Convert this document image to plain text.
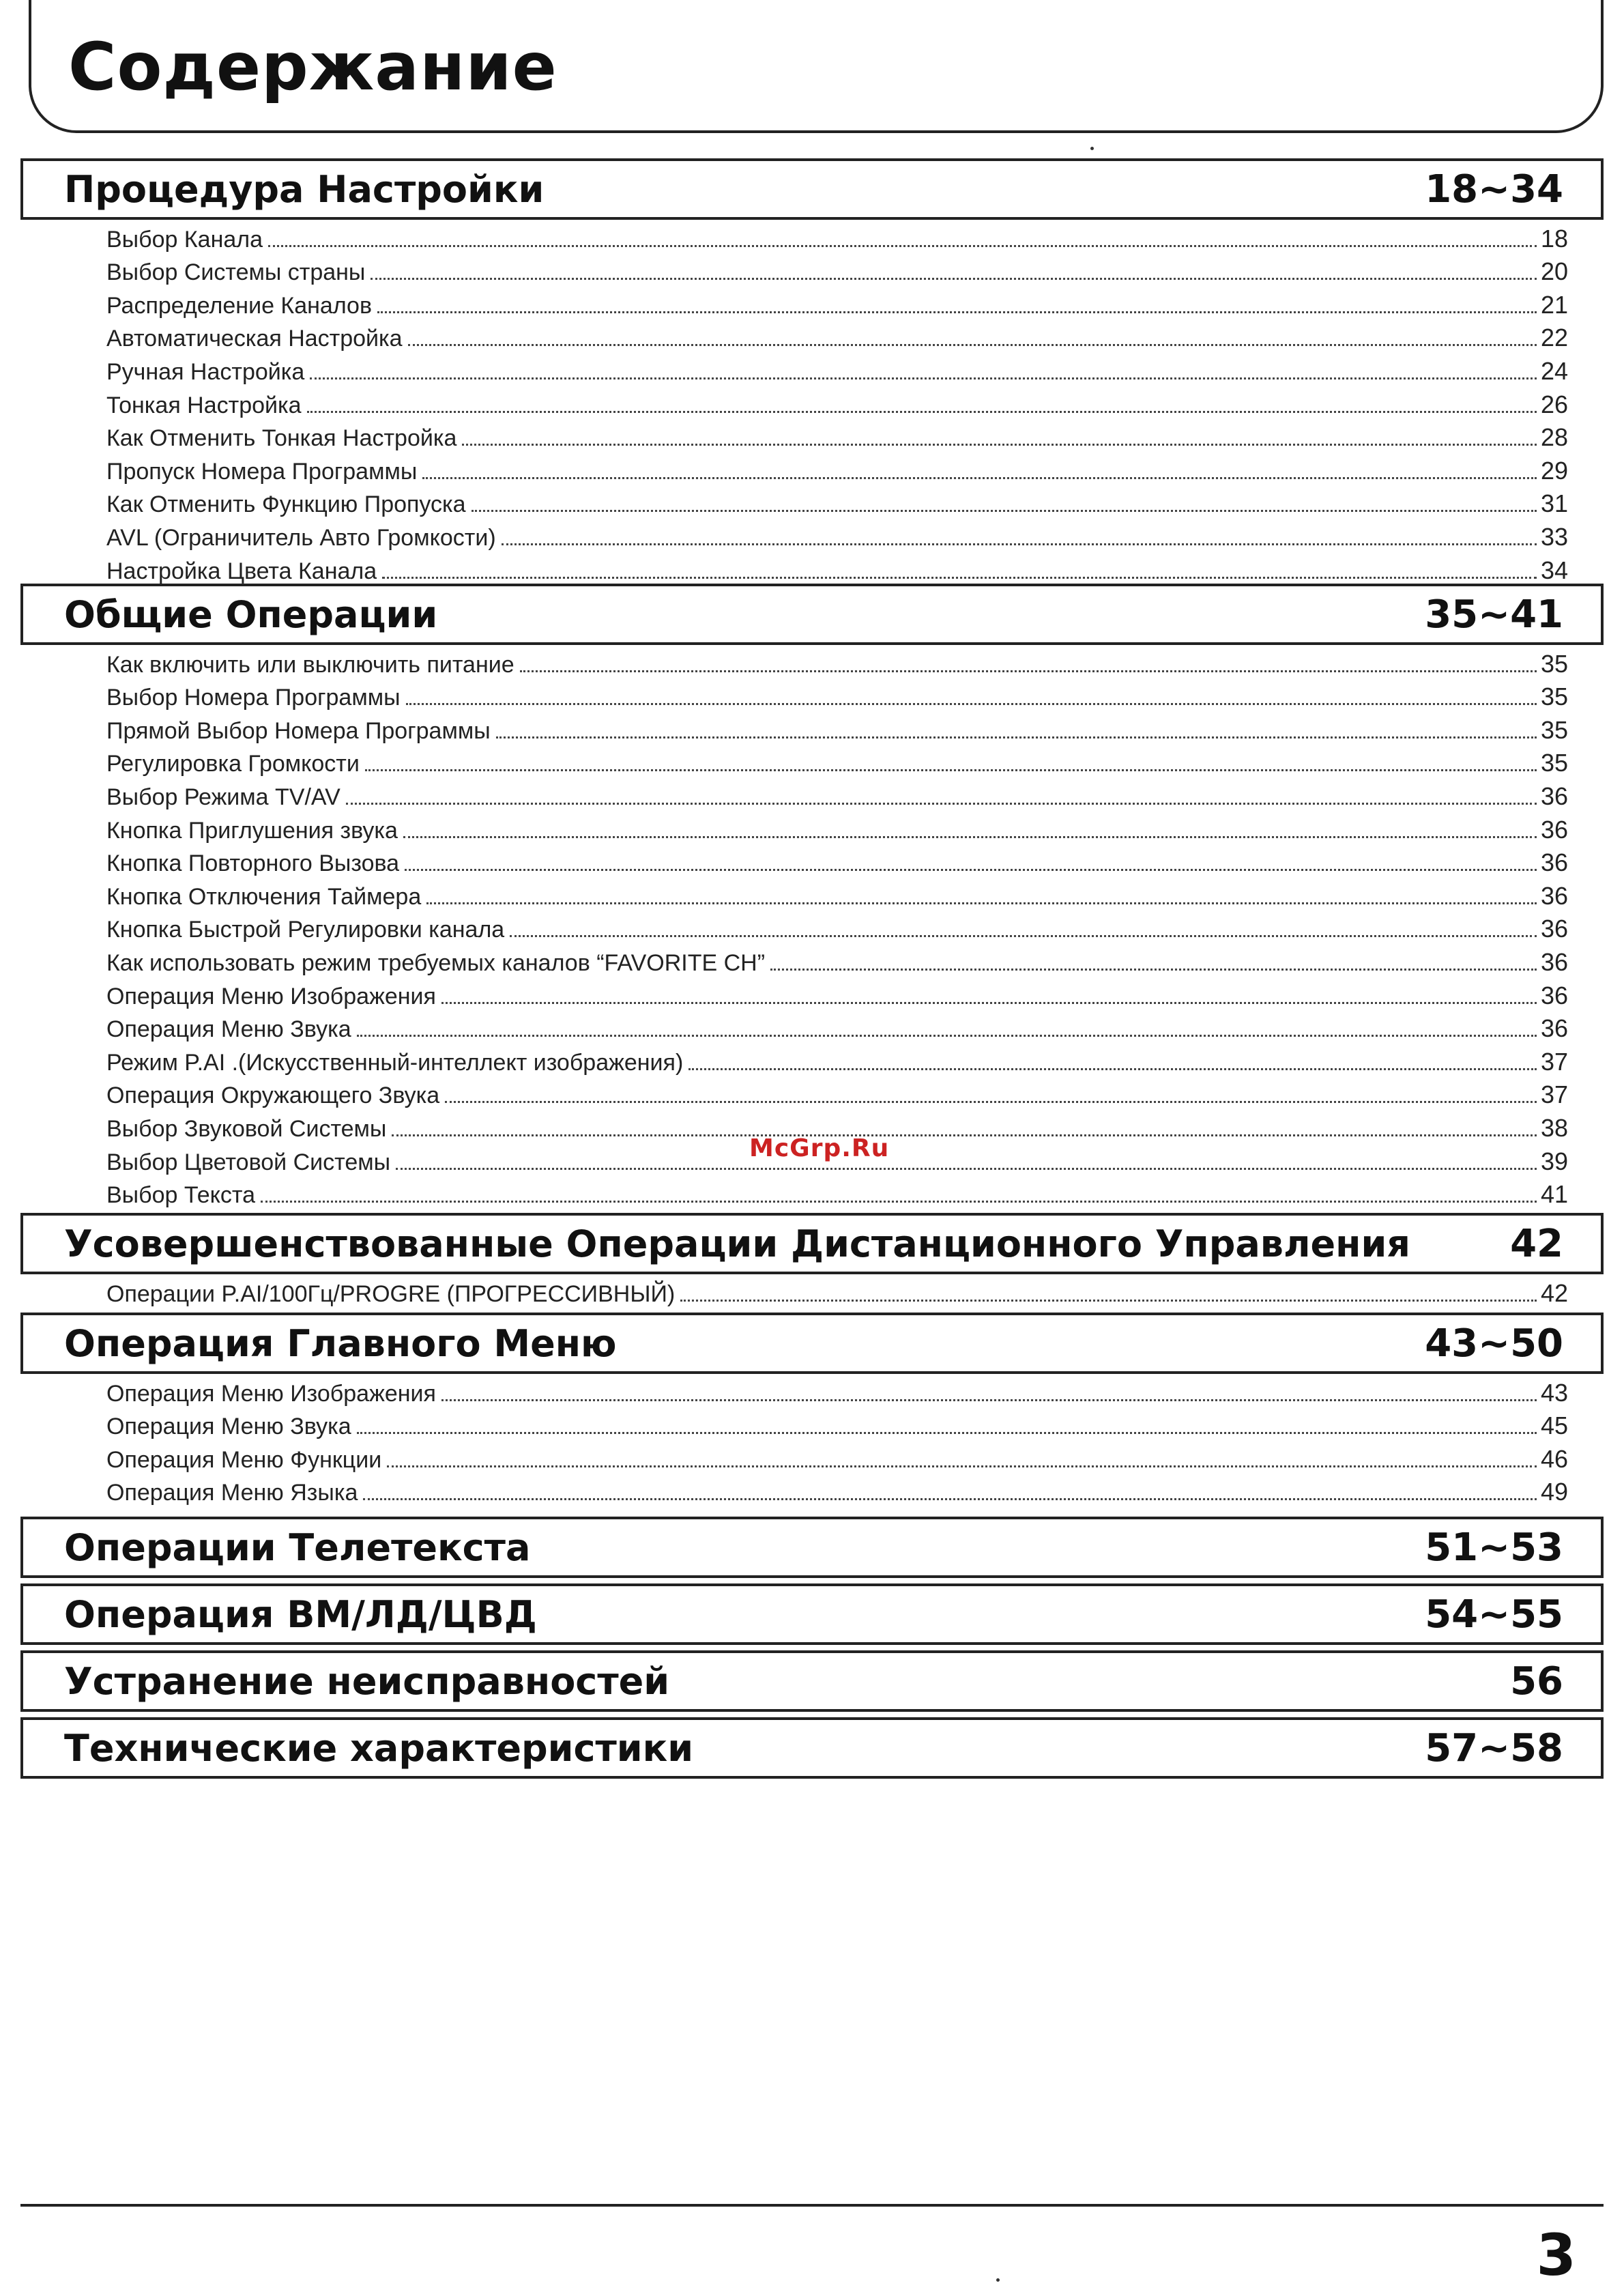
Содержание
Процедура Настройки	18~34
Выбор Канала	18
Выбор Системы страны	20
Распределение Каналов	21
Автоматическая Настройка	22
Ручная Настройка	24
Тонкая Настройка	26
Как Отменить Тонкая Настройка	28
Пропуск Номера Программы	29
Как Отменить Функцию Пропуска	31
AVL (Ограничитель Авто Громкости)	33
Настройка Цвета Канала	34
Общие Операции	35~41
Как включить или выключить питание	35
Выбор Номера Программы	35
Прямой Выбор Номера Программы	35
Регулировка Громкости	35
Выбор Режима TV/AV	36
Кнопка Приглушения звука	36
Кнопка Повторного Вызова	36
Кнопка Отключения Таймера	36
Кнопка Быстрой Регулировки канала	36
Как использовать режим требуемых каналов “FAVORITE CH”	36
Операция Меню Изображения	36
Операция Меню Звука	36
Режим P.AI .(Искусственный-интеллект изображения)	37
Операция Окружающего Звука	37
Выбор Звуковой Системы	38
Выбор Цветовой Системы	39
Выбор Текста	41
Усовершенствованные Операции Дистанционного Управления	42
Операции P.AI/100Гц/PROGRE (ПРОГРЕССИВНЫЙ)	42
Операция Главного Меню	43~50
Операция Меню Изображения	43
Операция Меню Звука	45
Операция Меню Функции	46
Операция Меню Языка	49
Операции Телетекста	51~53
Операция ВМ/ЛД/ЦВД	54~55
Устранение неисправностей	56
Технические характеристики	57~58
McGrp.Ru
3
